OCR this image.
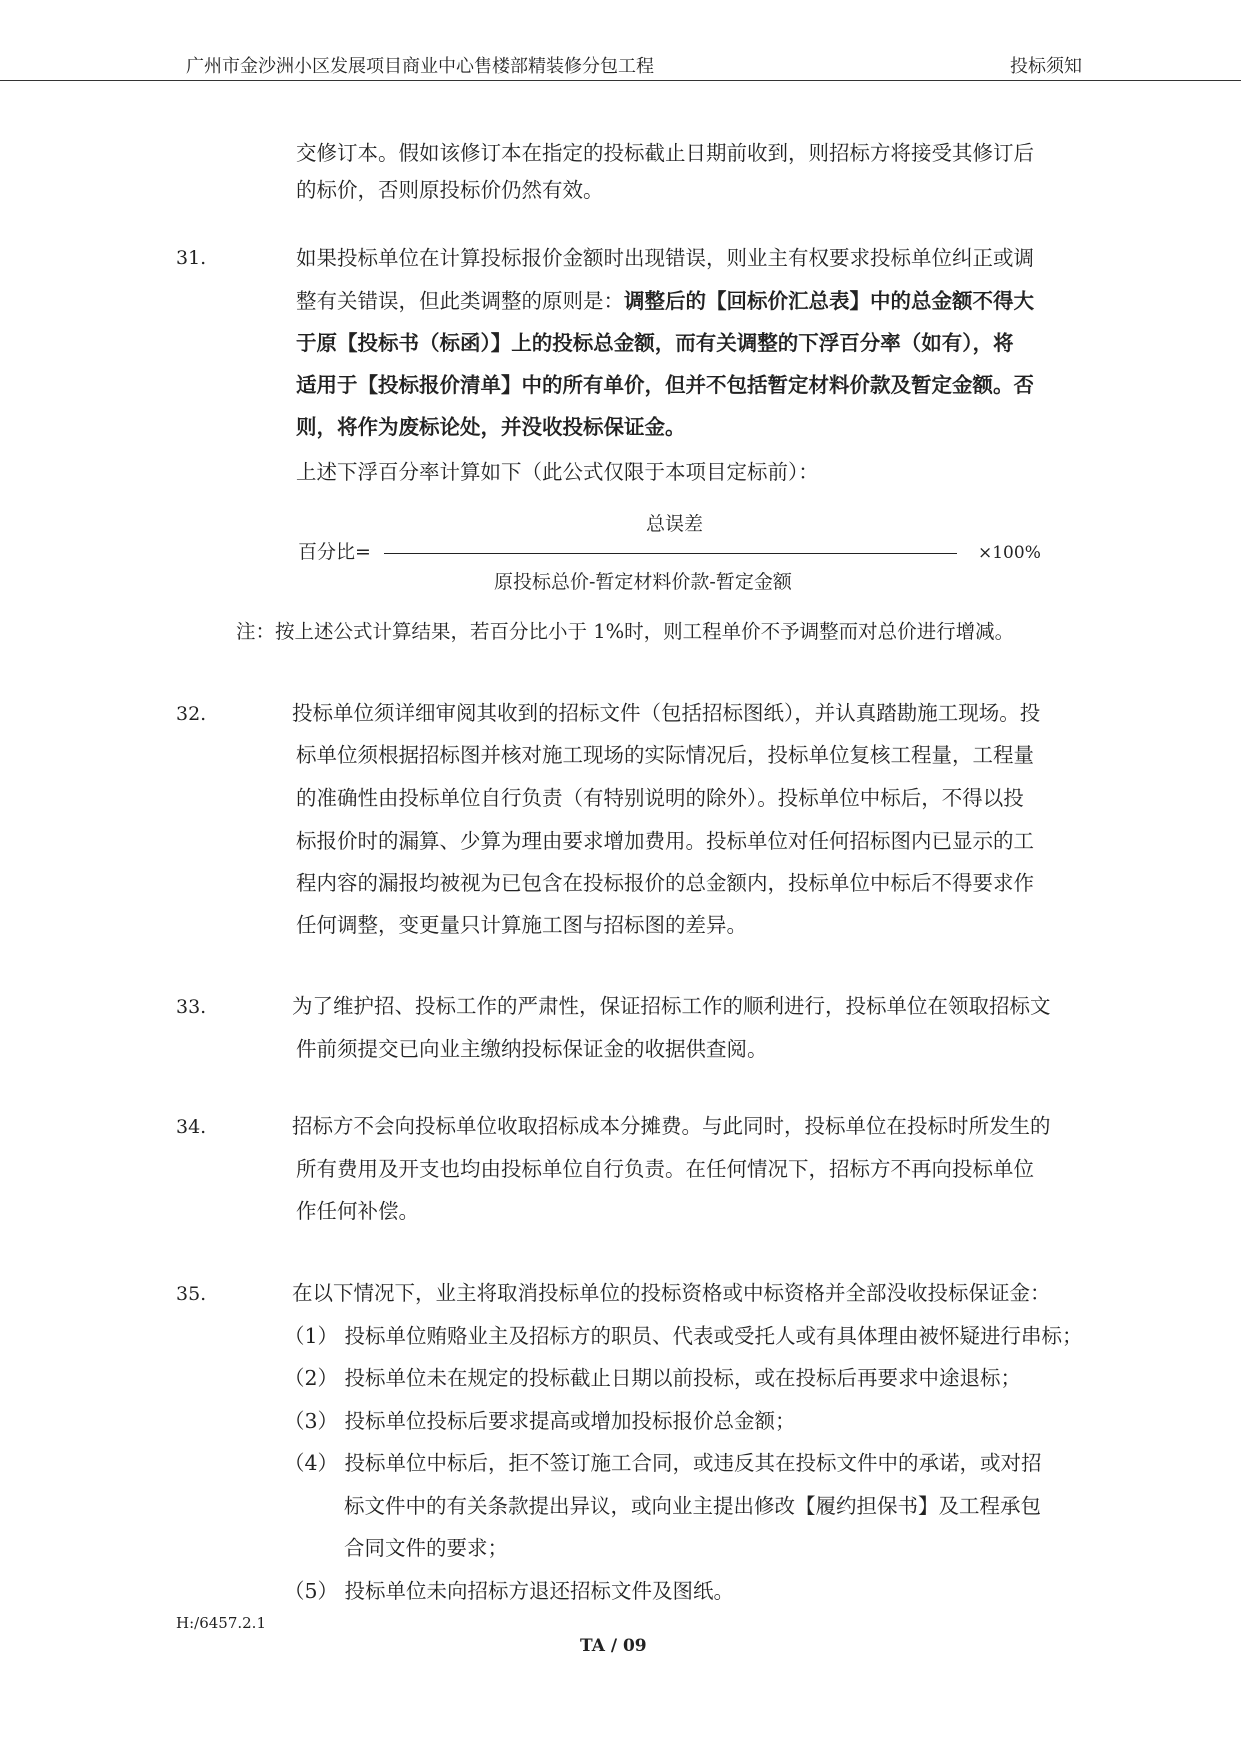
广州市金沙洲小区发展项目商业中心售楼部精装修分包工程	投标须知
交修订本。假如该修订本在指定的投标截止日期前收到，则招标方将接受其修订后
的标价，否则原投标价仍然有效。
31.	如果投标单位在计算投标报价金额时出现错误，则业主有权要求投标单位纠正或调
整有关错误，但此类调整的原则是：调整后的【回标价汇总表】中的总金额不得大
于原【投标书（标函）】上的投标总金额，而有关调整的下浮百分率（如有），将
适用于【投标报价清单】中的所有单价，但并不包括暂定材料价款及暂定金额。否
则，将作为废标论处，并没收投标保证金。
上述下浮百分率计算如下（此公式仅限于本项目定标前）：
总误差
百分比=	×100%
原投标总价-暂定材料价款-暂定金额
注：按上述公式计算结果，若百分比小于 1%时，则工程单价不予调整而对总价进行增减。
32.	投标单位须详细审阅其收到的招标文件（包括招标图纸），并认真踏勘施工现场。投
标单位须根据招标图并核对施工现场的实际情况后，投标单位复核工程量，工程量
的准确性由投标单位自行负责（有特别说明的除外）。投标单位中标后，不得以投
标报价时的漏算、少算为理由要求增加费用。投标单位对任何招标图内已显示的工
程内容的漏报均被视为已包含在投标报价的总金额内，投标单位中标后不得要求作
任何调整，变更量只计算施工图与招标图的差异。
33.	为了维护招、投标工作的严肃性，保证招标工作的顺利进行，投标单位在领取招标文
件前须提交已向业主缴纳投标保证金的收据供查阅。
34.	招标方不会向投标单位收取招标成本分摊费。与此同时，投标单位在投标时所发生的
所有费用及开支也均由投标单位自行负责。在任何情况下，招标方不再向投标单位
作任何补偿。
35.	在以下情况下，业主将取消投标单位的投标资格或中标资格并全部没收投标保证金：
（1） 投标单位贿赂业主及招标方的职员、代表或受托人或有具体理由被怀疑进行串标；
（2） 投标单位未在规定的投标截止日期以前投标，或在投标后再要求中途退标；
（3） 投标单位投标后要求提高或增加投标报价总金额；
（4） 投标单位中标后，拒不签订施工合同，或违反其在投标文件中的承诺，或对招
标文件中的有关条款提出异议，或向业主提出修改【履约担保书】及工程承包
合同文件的要求；
（5） 投标单位未向招标方退还招标文件及图纸。
H:/6457.2.1
TA / 09
